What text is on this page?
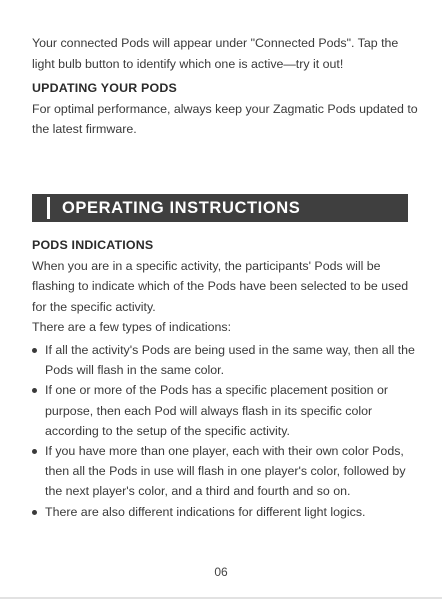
Your connected Pods will appear under "Connected Pods". Tap the light bulb button to identify which one is active—try it out!

UPDATING YOUR PODS

For optimal performance, always keep your Zagmatic Pods updated to the latest firmware.

OPERATING INSTRUCTIONS
PODS INDICATIONS

When you are in a specific activity, the participants' Pods will be flashing to indicate which of the Pods have been selected to be used for the specific activity.

There are a few types of indications:

If all the activity's Pods are being used in the same way, then all the Pods will flash in the same color.
If one or more of the Pods has a specific placement position or purpose, then each Pod will always flash in its specific color according to the setup of the specific activity.
If you have more than one player, each with their own color Pods, then all the Pods in use will flash in one player's color, followed by the next player's color, and a third and fourth and so on.
There are also different indications for different light logics.
06
